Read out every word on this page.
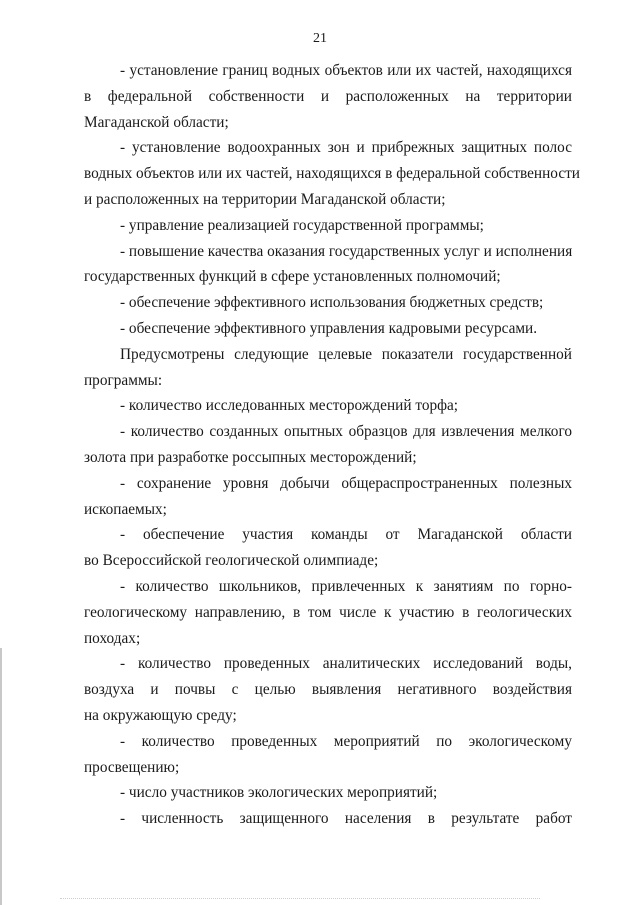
21

- установление границ водных объектов или их частей, находящихся
в федеральной собственности и расположенных на территории
Магаданской области;

- установление водоохранных зон и прибрежных защитных полос
водных объектов или их частей, находящихся в федеральной собственности
и расположенных на территории Магаданской области;

- управление реализацией государственной программы;

- повышение качества оказания государственных услуг и исполнения
государственных функций в сфере установленных полномочий;

- обеспечение эффективного использования бюджетных средств;

- обеспечение эффективного управления кадровыми ресурсами.

Предусмотрены следующие целевые показатели государственной
программы:

- количество исследованных месторождений торфа;

- количество созданных опытных образцов для извлечения мелкого
золота при разработке россыпных месторождений;

- сохранение уровня добычи общераспространенных полезных
ископаемых;

- обеспечение участия команды от Магаданской области
во Всероссийской геологической олимпиаде;

- количество школьников, привлеченных к занятиям по горно-
геологическому направлению, в том числе к участию в геологических
походах;

- количество проведенных аналитических исследований воды,
воздуха и почвы с целью выявления негативного воздействия
на окружающую среду;

- количество проведенных мероприятий по экологическому
просвещению;

- число участников экологических мероприятий;

- численность защищенного населения в результате работ
